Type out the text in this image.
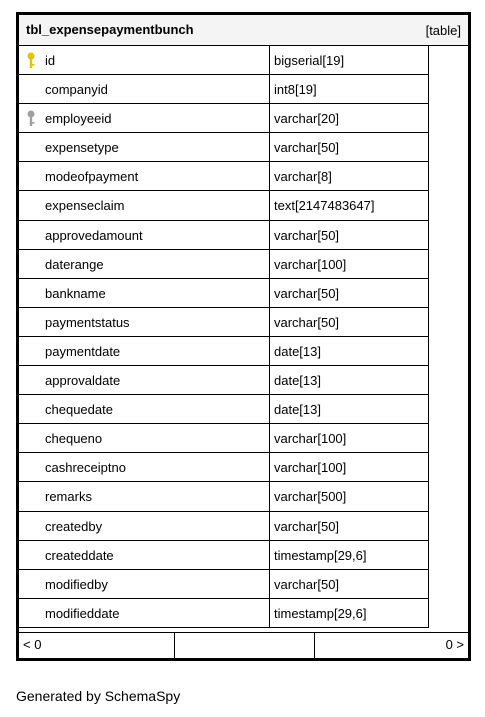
tbl_expensepaymentbunch	[table]
id	bigserial[19]
companyid	int8[19]
employeeid	varchar[20]
expensetype	varchar[50]
modeofpayment	varchar[8]
expenseclaim	text[2147483647]
approvedamount	varchar[50]
daterange	varchar[100]
bankname	varchar[50]
paymentstatus	varchar[50]
paymentdate	date[13]
approvaldate	date[13]
chequedate	date[13]
chequeno	varchar[100]
cashreceiptno	varchar[100]
remarks	varchar[500]
createdby	varchar[50]
createddate	timestamp[29,6]
modifiedby	varchar[50]
modifieddate	timestamp[29,6]
< 0	0 >
Generated by SchemaSpy
